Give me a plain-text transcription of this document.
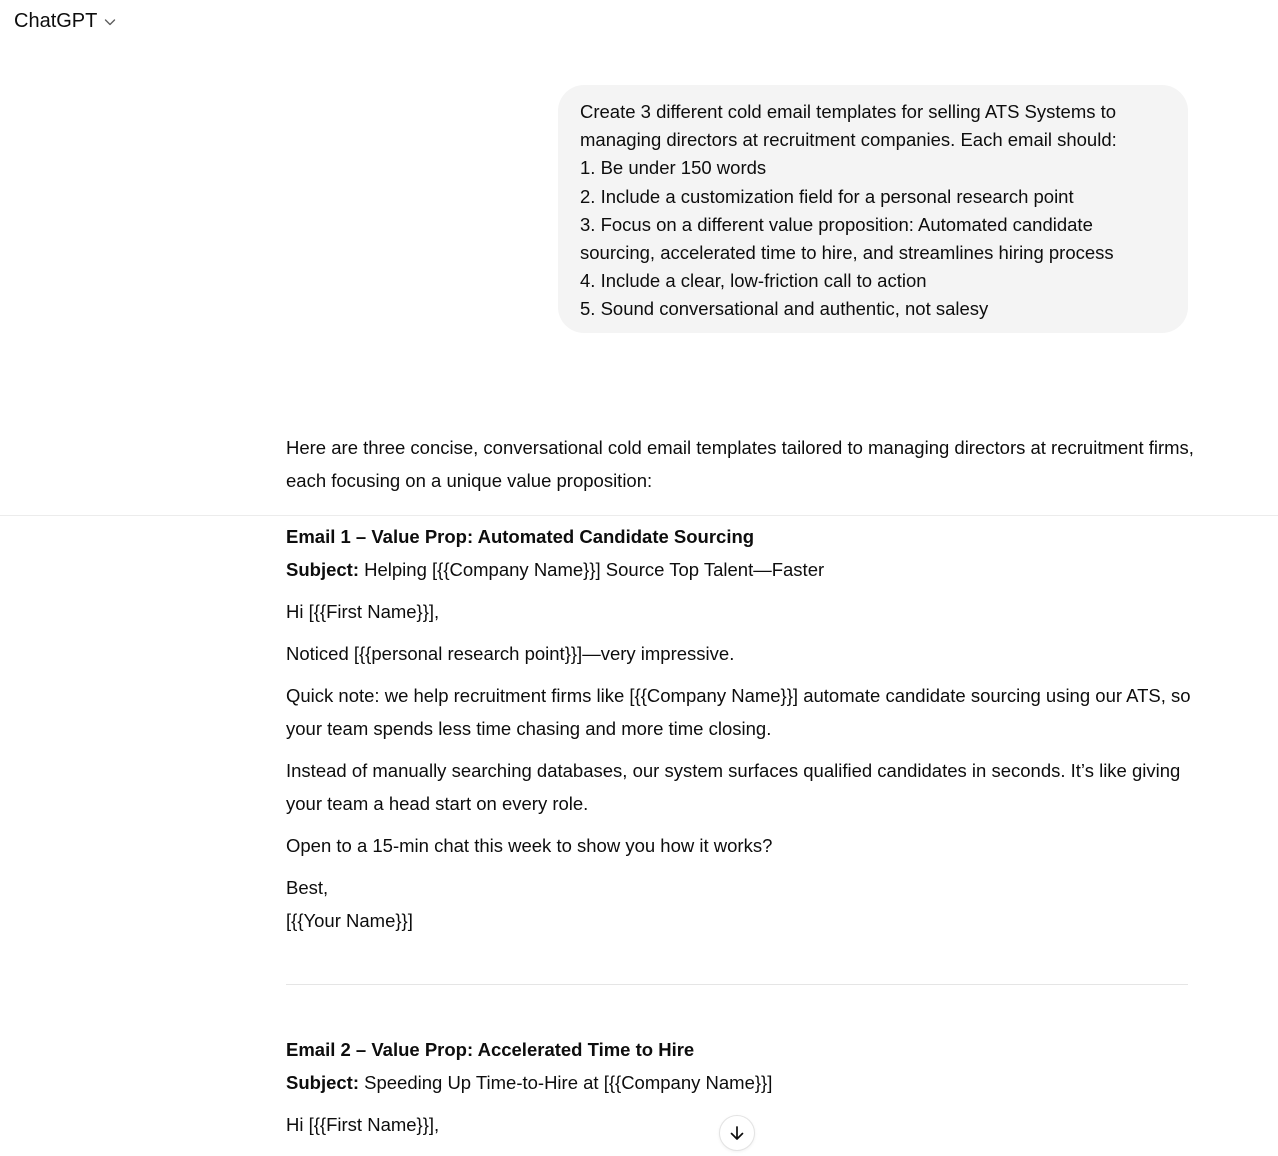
ChatGPT

Create 3 different cold email templates for selling ATS Systems to

managing directors at recruitment companies. Each email should:

1. Be under 150 words

2. Include a customization field for a personal research point

3. Focus on a different value proposition: Automated candidate

sourcing, accelerated time to hire, and streamlines hiring process

4. Include a clear, low-friction call to action

5. Sound conversational and authentic, not salesy

Here are three concise, conversational cold email templates tailored to managing directors at recruitment firms, each focusing on a unique value proposition:

Email 1 – Value Prop: Automated Candidate Sourcing

Subject: Helping [{{Company Name}}] Source Top Talent—Faster

Hi [{{First Name}}],

Noticed [{{personal research point}}]—very impressive.

Quick note: we help recruitment firms like [{{Company Name}}] automate candidate sourcing using our ATS, so your team spends less time chasing and more time closing.

Instead of manually searching databases, our system surfaces qualified candidates in seconds. It’s like giving your team a head start on every role.

Open to a 15-min chat this week to show you how it works?

Best,

[{{Your Name}}]

Email 2 – Value Prop: Accelerated Time to Hire

Subject: Speeding Up Time-to-Hire at [{{Company Name}}]

Hi [{{First Name}}],
